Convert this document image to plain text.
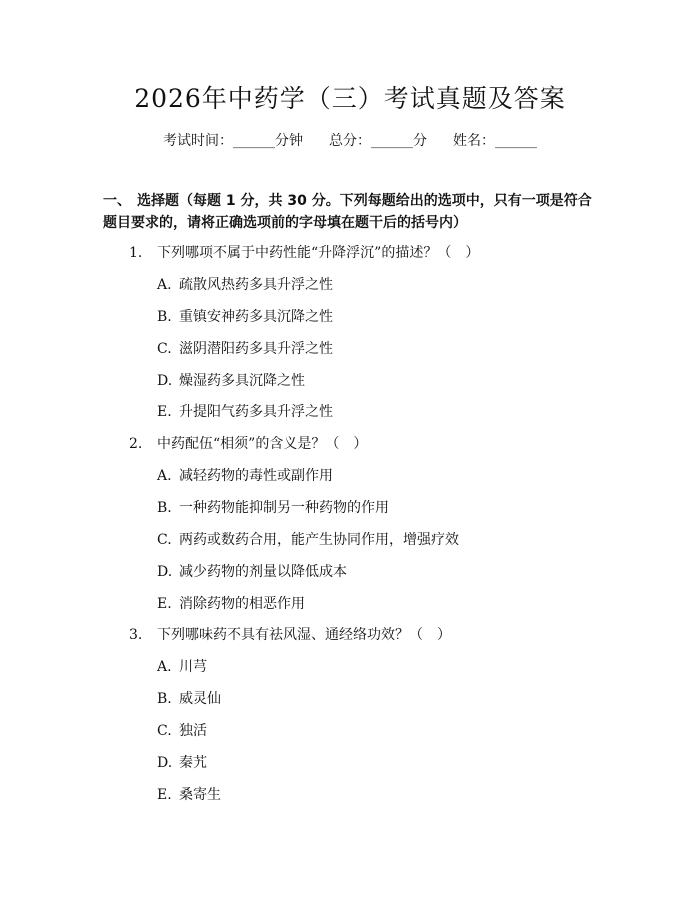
2026年中药学（三）考试真题及答案
考试时间：______分钟 总分：______分 姓名：______
一、 选择题（每题 1 分，共 30 分。下列每题给出的选项中，只有一项是符合题目要求的，请将正确选项前的字母填在题干后的括号内）
1. 下列哪项不属于中药性能“升降浮沉”的描述？（　）
A. 疏散风热药多具升浮之性
B. 重镇安神药多具沉降之性
C. 滋阴潜阳药多具升浮之性
D. 燥湿药多具沉降之性
E. 升提阳气药多具升浮之性
2. 中药配伍“相须”的含义是？（　）
A. 减轻药物的毒性或副作用
B. 一种药物能抑制另一种药物的作用
C. 两药或数药合用，能产生协同作用，增强疗效
D. 减少药物的剂量以降低成本
E. 消除药物的相恶作用
3. 下列哪味药不具有祛风湿、通经络功效？（　）
A. 川芎
B. 威灵仙
C. 独活
D. 秦艽
E. 桑寄生
